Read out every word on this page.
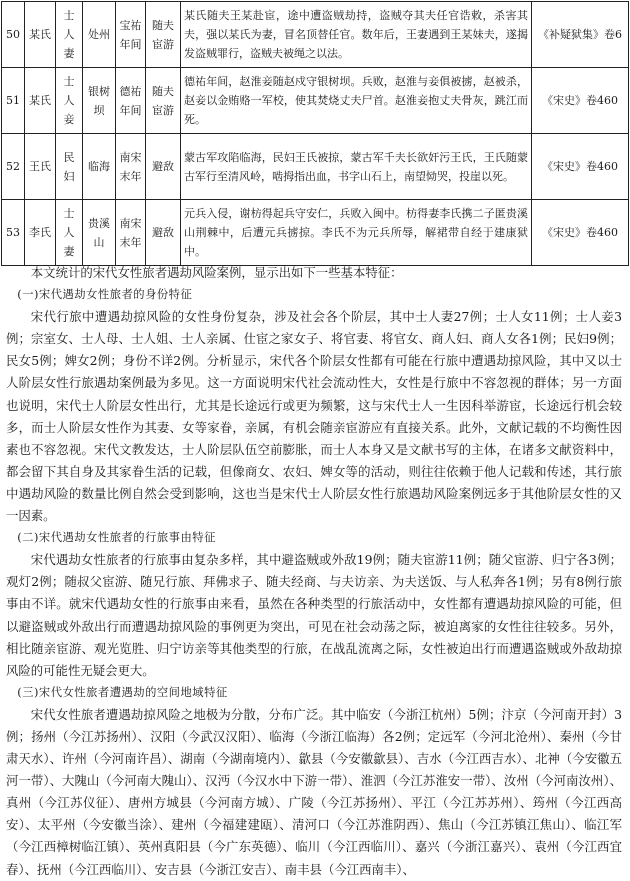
50	某氏	士人妻	处州	宝祐年间	随夫宦游	某氏随夫王某赴宦，途中遭盗贼劫持，盗贼夺其夫任官诰敕，杀害其夫，强以某氏为妻，冒名顶替任官。数年后，王妻遇到王某妹夫，遂揭发盗贼罪行，盗贼夫被绳之以法。	《补疑狱集》卷6
51	某氏	士人妾	银树坝	德祐年间	随夫宦游	德祐年间，赵淮妾随赵戍守银树坝。兵败，赵淮与妾俱被掳，赵被杀，赵妾以金贿赂一军校，使其焚烧丈夫尸首。赵淮妾抱丈夫骨灰，跳江而死。	《宋史》卷460
52	王氏	民妇	临海	南宋末年	避敌	蒙古军攻陷临海，民妇王氏被掠，蒙古军千夫长欲奸污王氏，王氏随蒙古军行至清风岭，啮拇指出血，书字山石上，南望恸哭，投崖以死。	《宋史》卷460
53	李氏	士人妻	贵溪山	南宋末年	避敌	元兵入侵，谢枋得起兵守安仁，兵败入闽中。枋得妻李氏携二子匿贵溪山荆棘中，后遭元兵掳掠。李氏不为元兵所辱，解裙带自经于建康狱中。	《宋史》卷460

本文统计的宋代女性旅者遇劫风险案例，显示出如下一些基本特征：

(一)宋代遇劫女性旅者的身份特征

宋代行旅中遭遇劫掠风险的女性身份复杂，涉及社会各个阶层，其中士人妻27例；士人女11例；士人妾3例；宗室女、士人母、士人姐、士人亲属、仕宦之家女子、将官妻、将官女、商人妇、商人女各1例；民妇9例；民女5例；婢女2例；身份不详2例。分析显示，宋代各个阶层女性都有可能在行旅中遭遇劫掠风险，其中又以士人阶层女性行旅遇劫案例最为多见。这一方面说明宋代社会流动性大，女性是行旅中不容忽视的群体；另一方面也说明，宋代士人阶层女性出行，尤其是长途远行或更为频繁，这与宋代士人一生因科举游宦，长途远行机会较多，而士人阶层女性作为其妻、女等家眷，亲属，有机会随亲宦游应有直接关系。此外，文献记载的不均衡性因素也不容忽视。宋代文教发达，士人阶层队伍空前膨胀，而士人本身又是文献书写的主体，在诸多文献资料中，都会留下其自身及其家眷生活的记载，但像商女、农妇、婢女等的活动，则往往依赖于他人记载和传述，其行旅中遇劫风险的数量比例自然会受到影响，这也当是宋代士人阶层女性行旅遇劫风险案例远多于其他阶层女性的又一因素。

(二)宋代遇劫女性旅者的行旅事由特征

宋代遇劫女性旅者的行旅事由复杂多样，其中避盗贼或外敌19例；随夫宦游11例；随父宦游、归宁各3例；观灯2例；随叔父宦游、随兄行旅、拜佛求子、随夫经商、与夫访亲、为夫送饭、与人私奔各1例；另有8例行旅事由不详。就宋代遇劫女性的行旅事由来看，虽然在各种类型的行旅活动中，女性都有遭遇劫掠风险的可能，但以避盗贼或外敌出行而遭遇劫掠风险的事例更为突出，可见在社会动荡之际，被迫离家的女性往往较多。另外，相比随亲宦游、观光览胜、归宁访亲等其他类型的行旅，在战乱流离之际，女性被迫出行而遭遇盗贼或外敌劫掠风险的可能性无疑会更大。

(三)宋代女性旅者遭遇劫的空间地域特征

宋代女性旅者遭遇劫掠风险之地极为分散，分布广泛。其中临安（今浙江杭州）5例；汴京（今河南开封）3例；扬州（今江苏扬州）、汉阳（今武汉汉阳）、临海（今浙江临海）各2例；定远军（今河北沧州）、秦州（今甘肃天水）、许州（今河南许昌）、湖南（今湖南境内）、歙县（今安徽歙县）、吉水（今江西吉水）、北神（今安徽五河一带）、大隗山（今河南大隗山）、汉沔（今汉水中下游一带）、淮泗（今江苏淮安一带）、汝州（今河南汝州）、真州（今江苏仪征）、唐州方城县（今河南方城）、广陵（今江苏扬州）、平江（今江苏苏州）、筠州（今江西高安）、太平州（今安徽当涂）、建州（今福建建瓯）、清河口（今江苏淮阴西）、焦山（今江苏镇江焦山）、临江军（今江西樟树临江镇）、英州真阳县（今广东英德）、临川（今江西临川）、嘉兴（今浙江嘉兴）、袁州（今江西宜春）、抚州（今江西临川）、安吉县（今浙江安吉）、南丰县（今江西南丰）、
